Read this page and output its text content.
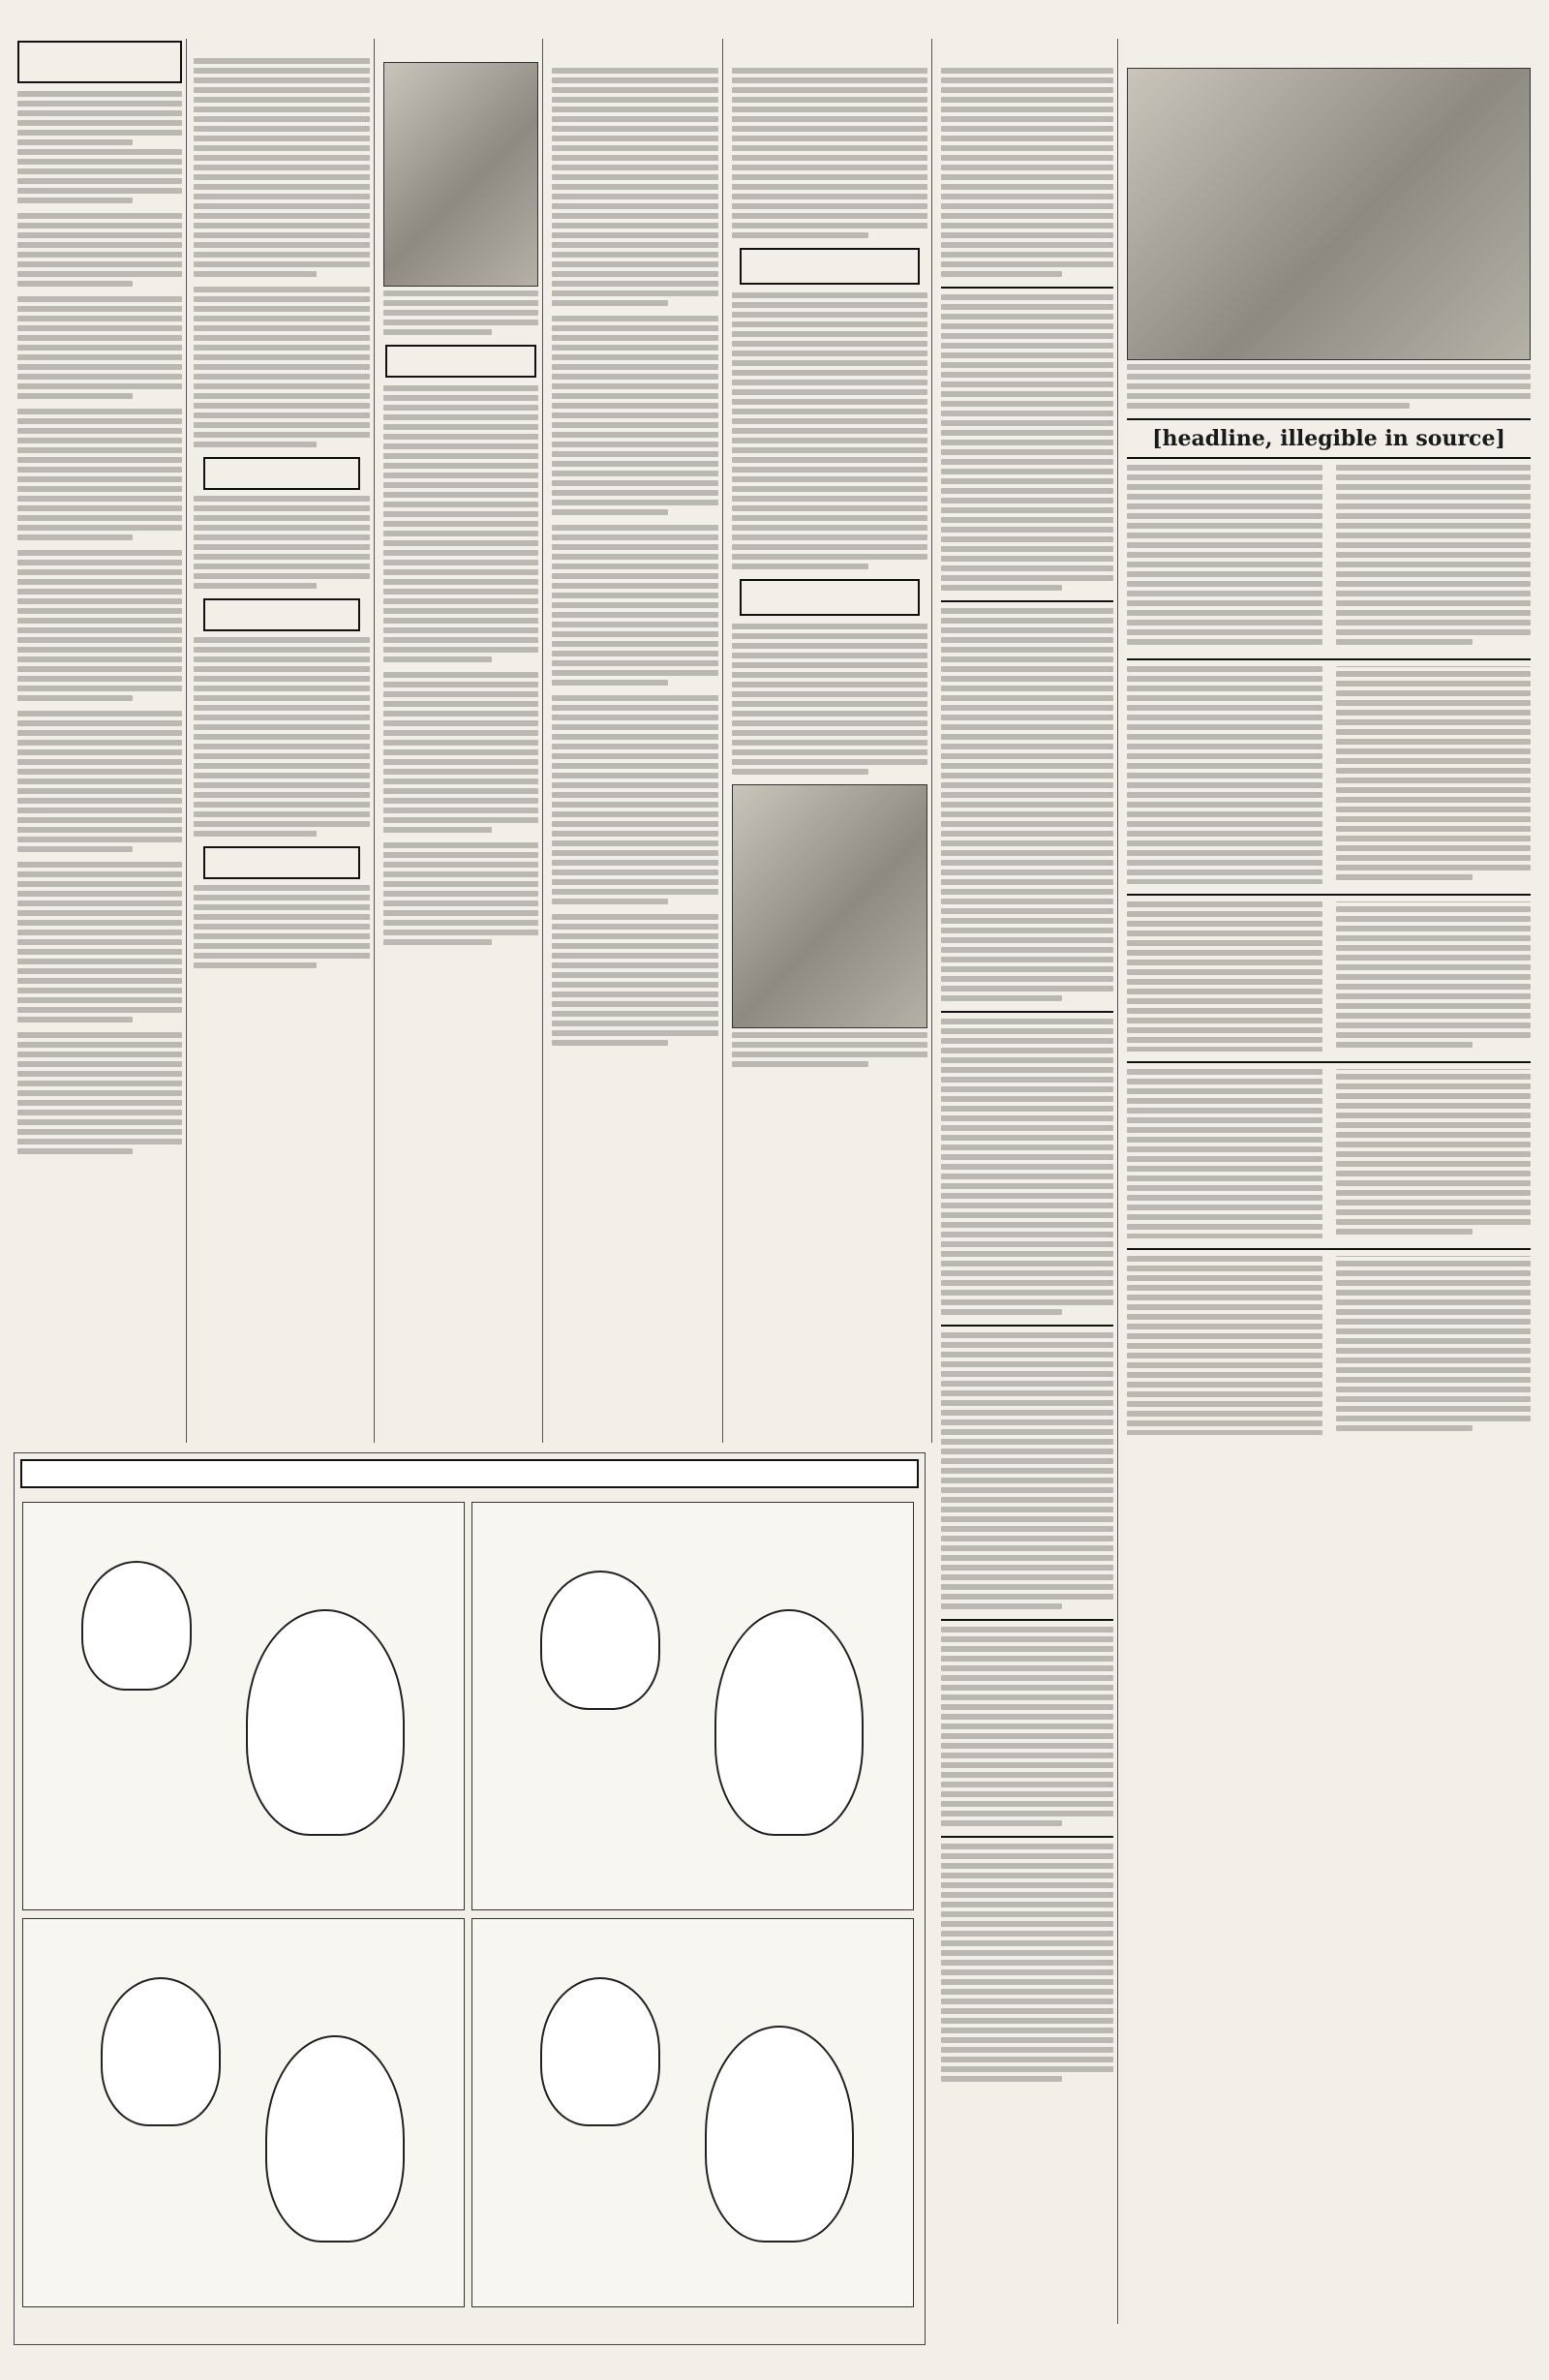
[headline, illegible in source]
